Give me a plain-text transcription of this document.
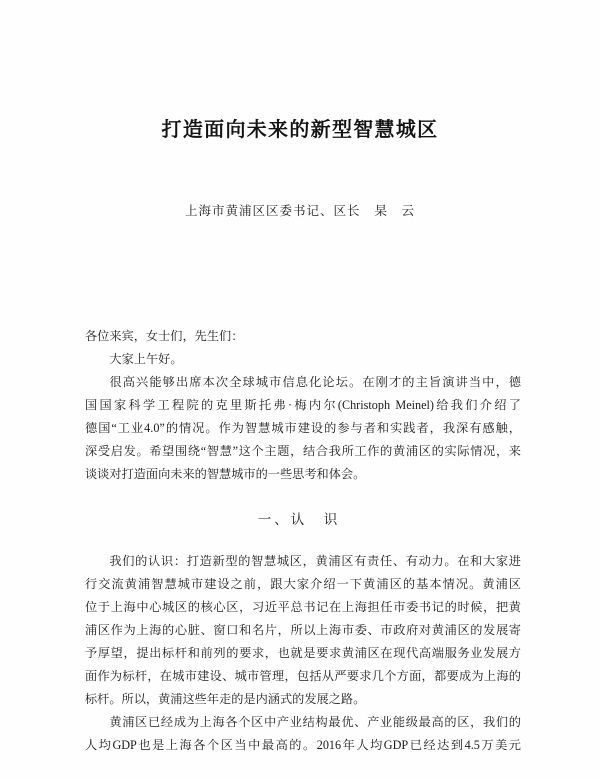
打造面向未来的新型智慧城区
上海市黄浦区区委书记、区长 杲　云
各位来宾，女士们，先生们：
大家上午好。
很高兴能够出席本次全球城市信息化论坛。在刚才的主旨演讲当中，德
国国家科学工程院的克里斯托弗·梅内尔(Christoph Meinel)给我们介绍了
德国“工业4.0”的情况。作为智慧城市建设的参与者和实践者，我深有感触，
深受启发。希望围绕“智慧”这个主题，结合我所工作的黄浦区的实际情况，来
谈谈对打造面向未来的智慧城市的一些思考和体会。
一、认　识
我们的认识：打造新型的智慧城区，黄浦区有责任、有动力。在和大家进
行交流黄浦智慧城市建设之前，跟大家介绍一下黄浦区的基本情况。黄浦区
位于上海中心城区的核心区，习近平总书记在上海担任市委书记的时候，把黄
浦区作为上海的心脏、窗口和名片，所以上海市委、市政府对黄浦区的发展寄
予厚望，提出标杆和前列的要求，也就是要求黄浦区在现代高端服务业发展方
面作为标杆，在城市建设、城市管理，包括从严要求几个方面，都要成为上海的
标杆。所以，黄浦这些年走的是内涵式的发展之路。
黄浦区已经成为上海各个区中产业结构最优、产业能级最高的区，我们的
人均GDP也是上海各个区当中最高的。2016年人均GDP已经达到4.5万美元
